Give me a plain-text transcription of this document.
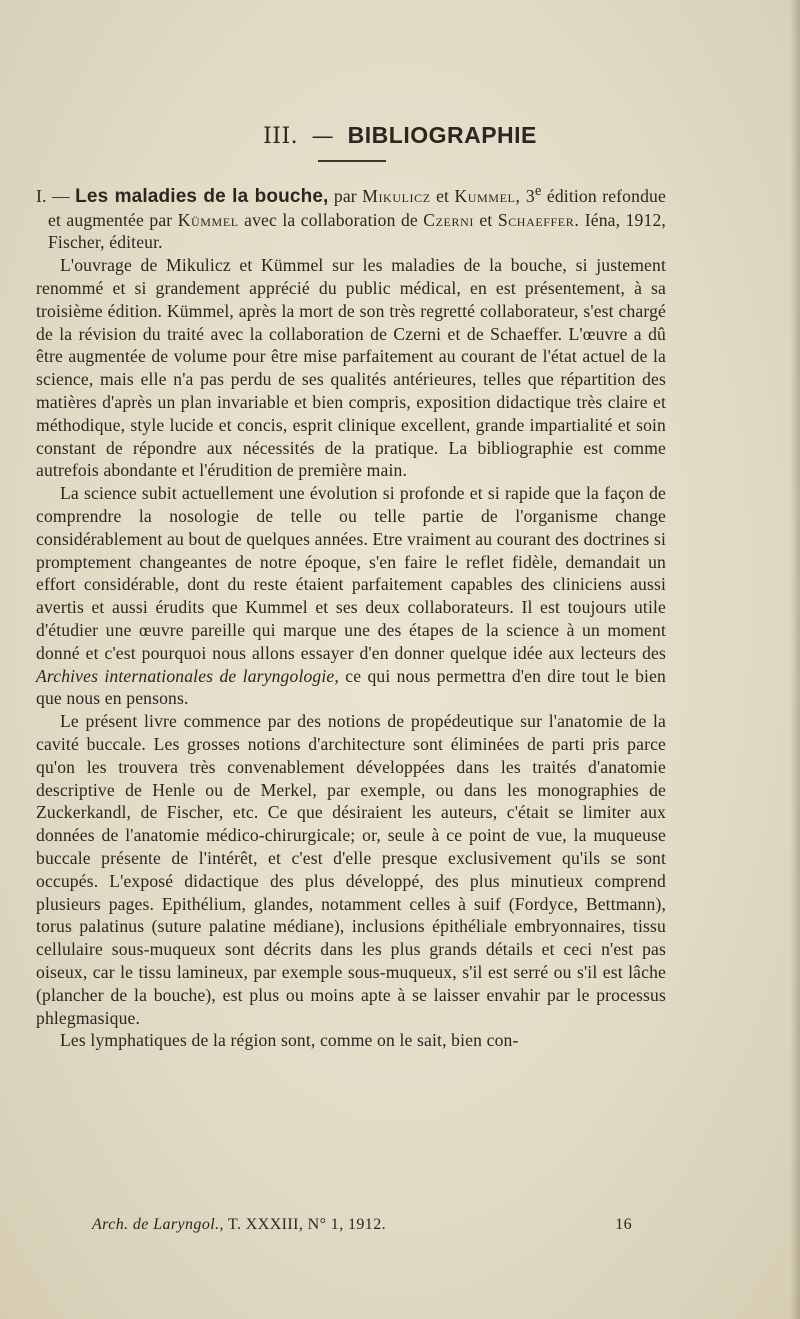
III. — BIBLIOGRAPHIE

I. — Les maladies de la bouche, par Mikulicz et Kummel, 3e édition refondue et augmentée par Kümmel avec la collaboration de Czerni et Schaeffer. Iéna, 1912, Fischer, éditeur.

L'ouvrage de Mikulicz et Kümmel sur les maladies de la bouche, si justement renommé et si grandement apprécié du public médical, en est présentement, à sa troisième édition. Kümmel, après la mort de son très regretté collaborateur, s'est chargé de la révision du traité avec la collaboration de Czerni et de Schaeffer. L'œuvre a dû être augmentée de volume pour être mise parfaitement au courant de l'état actuel de la science, mais elle n'a pas perdu de ses qualités antérieures, telles que répartition des matières d'après un plan invariable et bien compris, exposition didactique très claire et méthodique, style lucide et concis, esprit clinique excellent, grande impartialité et soin constant de répondre aux nécessités de la pratique. La bibliographie est comme autrefois abondante et l'érudition de première main.

La science subit actuellement une évolution si profonde et si rapide que la façon de comprendre la nosologie de telle ou telle partie de l'organisme change considérablement au bout de quelques années. Etre vraiment au courant des doctrines si promptement changeantes de notre époque, s'en faire le reflet fidèle, demandait un effort considérable, dont du reste étaient parfaitement capables des cliniciens aussi avertis et aussi érudits que Kummel et ses deux collaborateurs. Il est toujours utile d'étudier une œuvre pareille qui marque une des étapes de la science à un moment donné et c'est pourquoi nous allons essayer d'en donner quelque idée aux lecteurs des Archives internationales de laryngologie, ce qui nous permettra d'en dire tout le bien que nous en pensons.

Le présent livre commence par des notions de propédeutique sur l'anatomie de la cavité buccale. Les grosses notions d'architecture sont éliminées de parti pris parce qu'on les trouvera très convenablement développées dans les traités d'anatomie descriptive de Henle ou de Merkel, par exemple, ou dans les monographies de Zuckerkandl, de Fischer, etc. Ce que désiraient les auteurs, c'était se limiter aux données de l'anatomie médico-chirurgicale; or, seule à ce point de vue, la muqueuse buccale présente de l'intérêt, et c'est d'elle presque exclusivement qu'ils se sont occupés. L'exposé didactique des plus développé, des plus minutieux comprend plusieurs pages. Epithélium, glandes, notamment celles à suif (Fordyce, Bettmann), torus palatinus (suture palatine médiane), inclusions épithéliale embryonnaires, tissu cellulaire sous-muqueux sont décrits dans les plus grands détails et ceci n'est pas oiseux, car le tissu lamineux, par exemple sous-muqueux, s'il est serré ou s'il est lâche (plancher de la bouche), est plus ou moins apte à se laisser envahir par le processus phlegmasique.

Les lymphatiques de la région sont, comme on le sait, bien con-

Arch. de Laryngol., T. XXXIII, N° 1, 1912.	16
